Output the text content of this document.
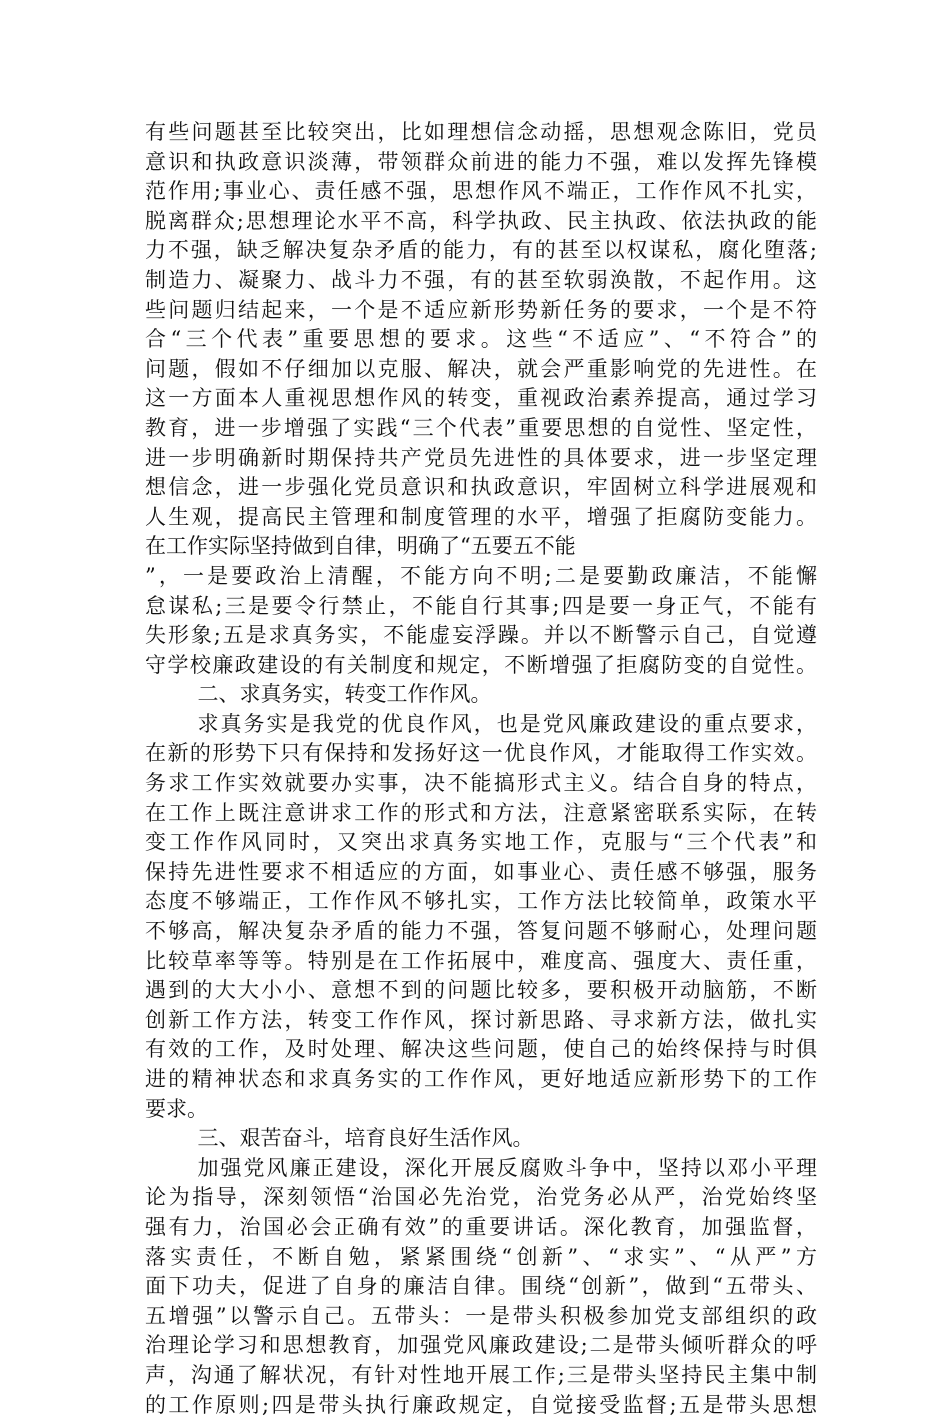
有些问题甚至比较突出，比如理想信念动摇，思想观念陈旧，党员
意识和执政意识淡薄，带领群众前进的能力不强，难以发挥先锋模
范作用;事业心、责任感不强，思想作风不端正，工作作风不扎实，
脱离群众;思想理论水平不高，科学执政、民主执政、依法执政的能
力不强，缺乏解决复杂矛盾的能力，有的甚至以权谋私，腐化堕落;
制造力、凝聚力、战斗力不强，有的甚至软弱涣散，不起作用。这
些问题归结起来，一个是不适应新形势新任务的要求，一个是不符
合“三个代表”重要思想的要求。这些“不适应”、“不符合”的
问题，假如不仔细加以克服、解决，就会严重影响党的先进性。在
这一方面本人重视思想作风的转变，重视政治素养提高，通过学习
教育，进一步增强了实践“三个代表”重要思想的自觉性、坚定性，
进一步明确新时期保持共产党员先进性的具体要求，进一步坚定理
想信念，进一步强化党员意识和执政意识，牢固树立科学进展观和
人生观，提高民主管理和制度管理的水平，增强了拒腐防变能力。
在工作实际坚持做到自律，明确了“五要五不能
”，一是要政治上清醒，不能方向不明;二是要勤政廉洁，不能懈
怠谋私;三是要令行禁止，不能自行其事;四是要一身正气，不能有
失形象;五是求真务实，不能虚妄浮躁。并以不断警示自己，自觉遵
守学校廉政建设的有关制度和规定，不断增强了拒腐防变的自觉性。
二、求真务实，转变工作作风。
求真务实是我党的优良作风，也是党风廉政建设的重点要求，
在新的形势下只有保持和发扬好这一优良作风，才能取得工作实效。
务求工作实效就要办实事，决不能搞形式主义。结合自身的特点，
在工作上既注意讲求工作的形式和方法，注意紧密联系实际，在转
变工作作风同时，又突出求真务实地工作，克服与“三个代表”和
保持先进性要求不相适应的方面，如事业心、责任感不够强，服务
态度不够端正，工作作风不够扎实，工作方法比较简单，政策水平
不够高，解决复杂矛盾的能力不强，答复问题不够耐心，处理问题
比较草率等等。特别是在工作拓展中，难度高、强度大、责任重，
遇到的大大小小、意想不到的问题比较多，要积极开动脑筋，不断
创新工作方法，转变工作作风，探讨新思路、寻求新方法，做扎实
有效的工作，及时处理、解决这些问题，使自己的始终保持与时俱
进的精神状态和求真务实的工作作风，更好地适应新形势下的工作
要求。
三、艰苦奋斗，培育良好生活作风。
加强党风廉正建设，深化开展反腐败斗争中，坚持以邓小平理
论为指导，深刻领悟“治国必先治党，治党务必从严，治党始终坚
强有力，治国必会正确有效”的重要讲话。深化教育，加强监督，
落实责任，不断自勉，紧紧围绕“创新”、“求实”、“从严”方
面下功夫，促进了自身的廉洁自律。围绕“创新”，做到“五带头、
五增强”以警示自己。五带头：一是带头积极参加党支部组织的政
治理论学习和思想教育，加强党风廉政建设;二是带头倾听群众的呼
声，沟通了解状况，有针对性地开展工作;三是带头坚持民主集中制
的工作原则;四是带头执行廉政规定，自觉接受监督;五是带头思想
